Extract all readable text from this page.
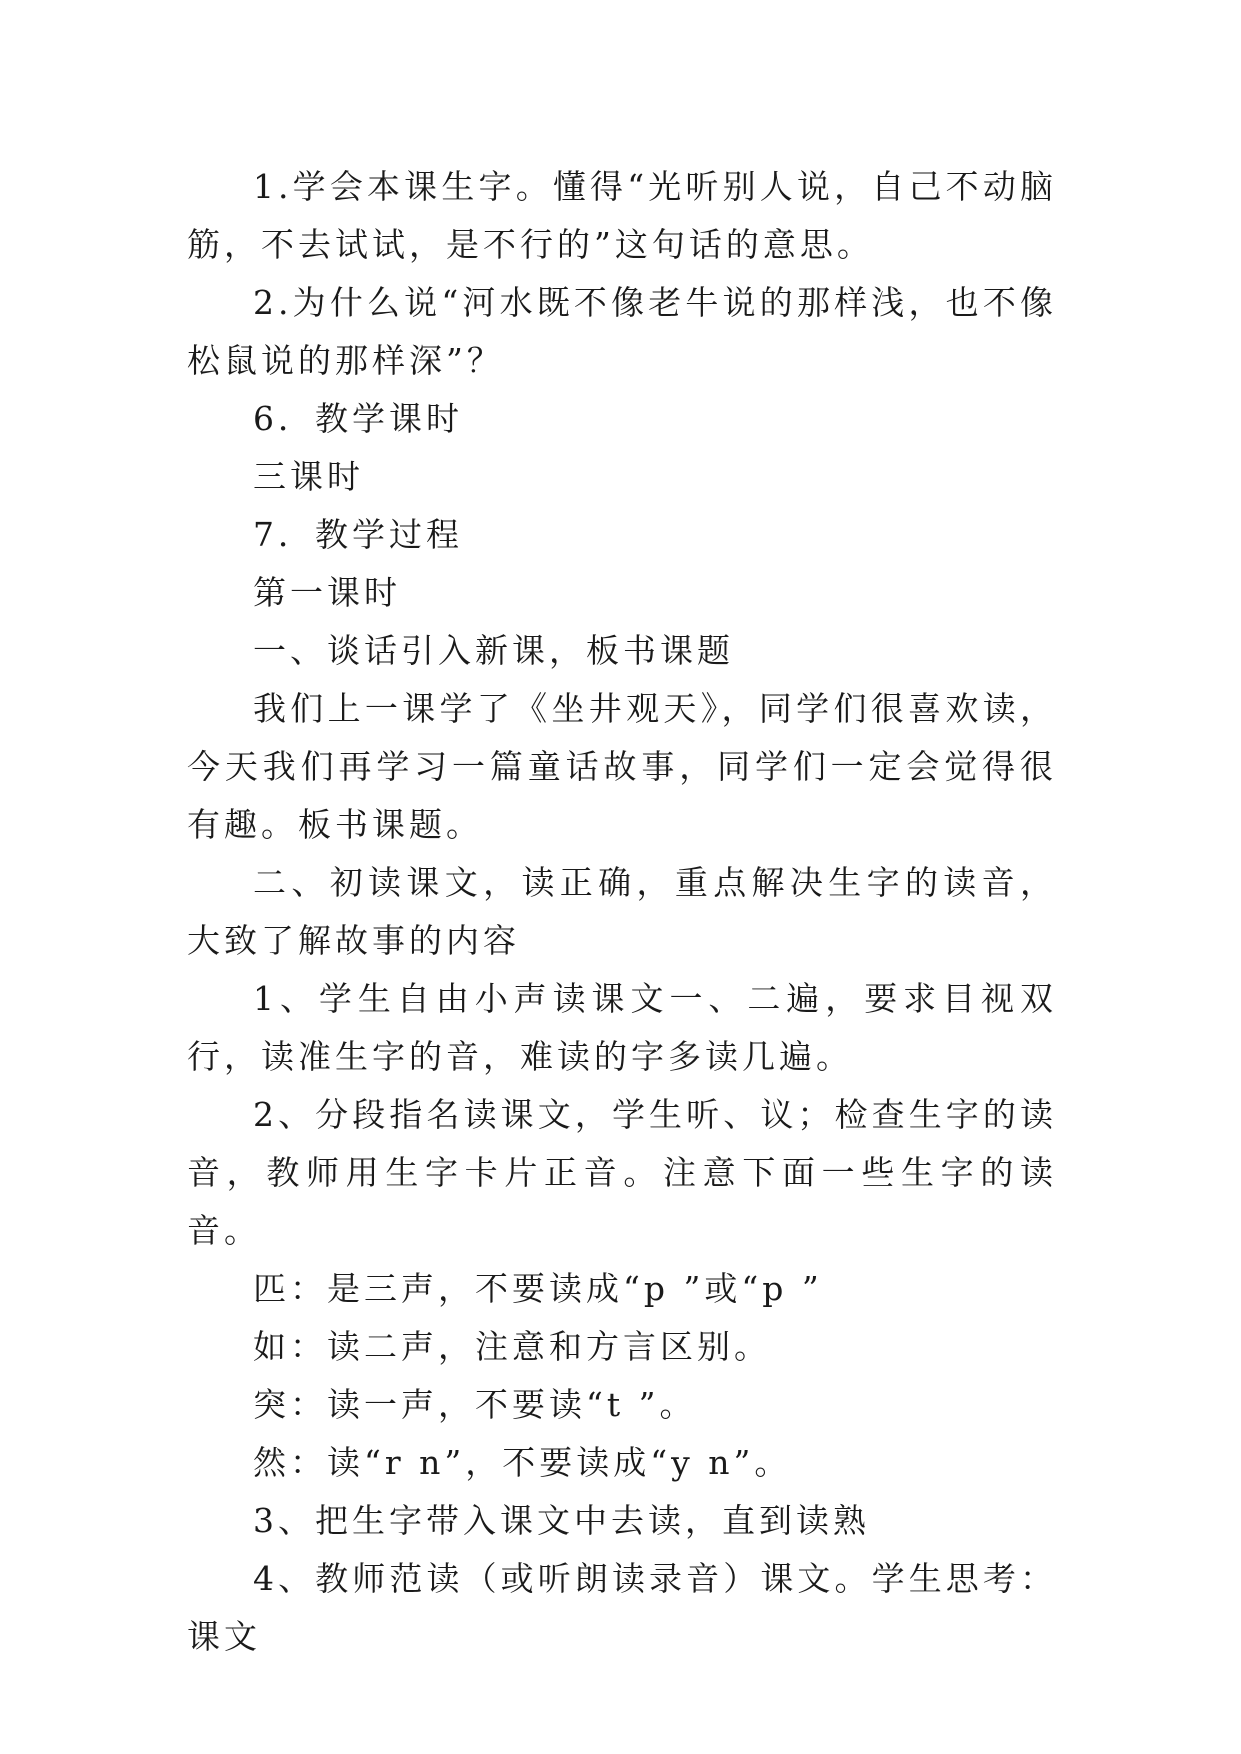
1.学会本课生字。懂得“光听别人说，自己不动脑筋，不去试试，是不行的”这句话的意思。

2.为什么说“河水既不像老牛说的那样浅，也不像松鼠说的那样深”？

6．教学课时

三课时

7．教学过程

第一课时

一、谈话引入新课，板书课题

我们上一课学了《坐井观天》，同学们很喜欢读，今天我们再学习一篇童话故事，同学们一定会觉得很有趣。板书课题。

二、初读课文，读正确，重点解决生字的读音，大致了解故事的内容

1、学生自由小声读课文一、二遍，要求目视双行，读准生字的音，难读的字多读几遍。

2、分段指名读课文，学生听、议；检查生字的读音，教师用生字卡片正音。注意下面一些生字的读音。

匹：是三声，不要读成“p ”或“p ”

如：读二声，注意和方言区别。

突：读一声，不要读“t ”。

然：读“r n”，不要读成“y n”。

3、把生字带入课文中去读，直到读熟

4、教师范读（或听朗读录音）课文。学生思考：课文
